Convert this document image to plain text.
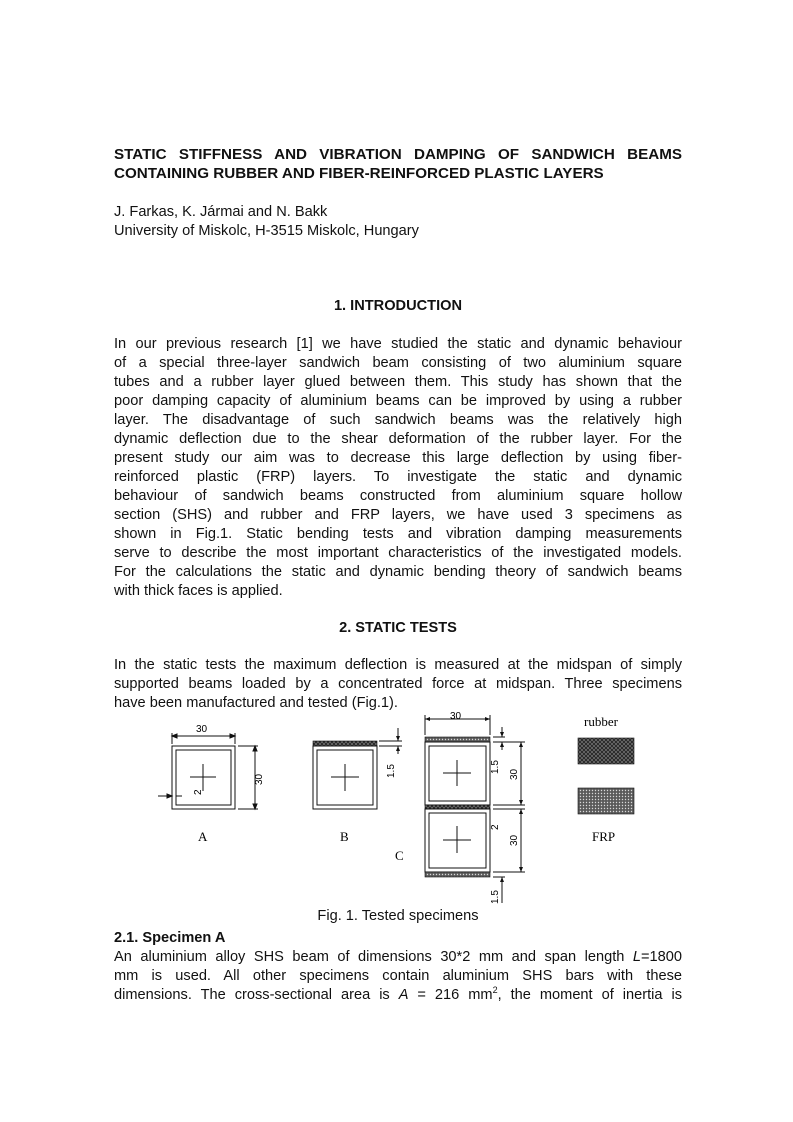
STATIC STIFFNESS AND VIBRATION DAMPING OF SANDWICH BEAMS CONTAINING RUBBER AND FIBER-REINFORCED PLASTIC LAYERS
J. Farkas, K. Jármai and N. Bakk
University of Miskolc, H-3515 Miskolc, Hungary
1. INTRODUCTION
In our previous research [1] we have studied the static and dynamic behaviour
of a special three-layer sandwich beam consisting of two aluminium square
tubes and a rubber layer glued between them. This study has shown that the
poor damping capacity of aluminium beams can be improved by using a rubber
layer. The disadvantage of such sandwich beams was the relatively high
dynamic deflection due to the shear deformation of the rubber layer. For the
present study our aim was to decrease this large deflection by using fiber-
reinforced plastic (FRP) layers. To investigate the static and dynamic
behaviour of sandwich beams constructed from aluminium square hollow
section (SHS) and rubber and FRP layers, we have used 3 specimens as
shown in Fig.1. Static bending tests and vibration damping measurements
serve to describe the most important characteristics of the investigated models.
For the calculations the static and dynamic bending theory of sandwich beams
with thick faces is applied.
2. STATIC TESTS
In the static tests the maximum deflection is measured at the midspan of simply
supported beams loaded by a concentrated force at midspan. Three specimens
have been manufactured and tested (Fig.1).
30
30
2
A
1.5
B
30
1.5
30
2
30
1.5
C
rubber
FRP
Fig. 1. Tested specimens
2.1. Specimen A
An aluminium alloy SHS beam of dimensions 30*2 mm and span length L=1800
mm is used. All other specimens contain aluminium SHS bars with these
dimensions. The cross-sectional area is A = 216 $mm^2$, the moment of inertia is
